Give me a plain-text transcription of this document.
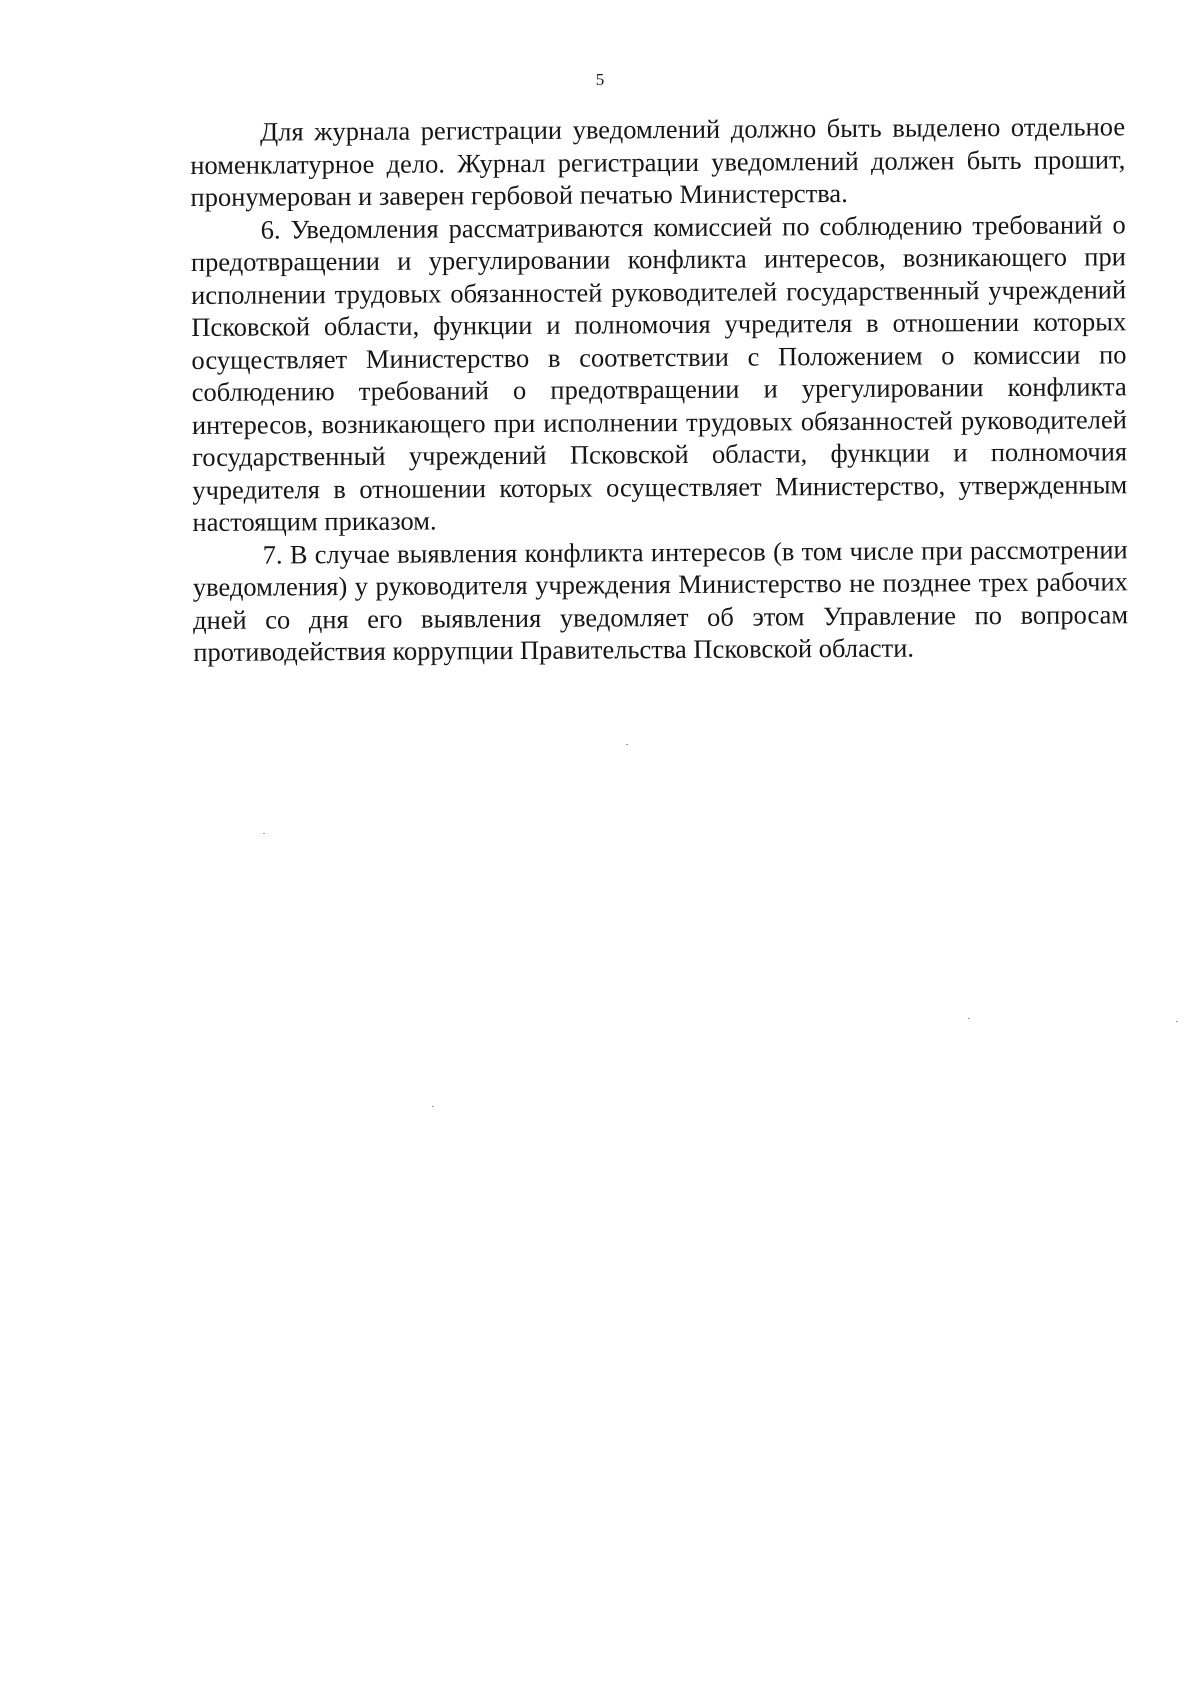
5

Для журнала регистрации уведомлений должно быть выделено отдельное номенклатурное дело. Журнал регистрации уведомлений должен быть прошит, пронумерован и заверен гербовой печатью Министерства.

6. Уведомления рассматриваются комиссией по соблюдению требований о предотвращении и урегулировании конфликта интересов, возникающего при исполнении трудовых обязанностей руководителей государственный учреждений Псковской области, функции и полномочия учредителя в отношении которых осуществляет Министерство в соответствии с Положением о комиссии по соблюдению требований о предотвращении и урегулировании конфликта интересов, возникающего при исполнении трудовых обязанностей руководителей государственный учреждений Псковской области, функции и полномочия учредителя в отношении которых осуществляет Министерство, утвержденным настоящим приказом.

7. В случае выявления конфликта интересов (в том числе при рассмотрении уведомления) у руководителя учреждения Министерство не позднее трех рабочих дней со дня его выявления уведомляет об этом Управление по вопросам противодействия коррупции Правительства Псковской области.
